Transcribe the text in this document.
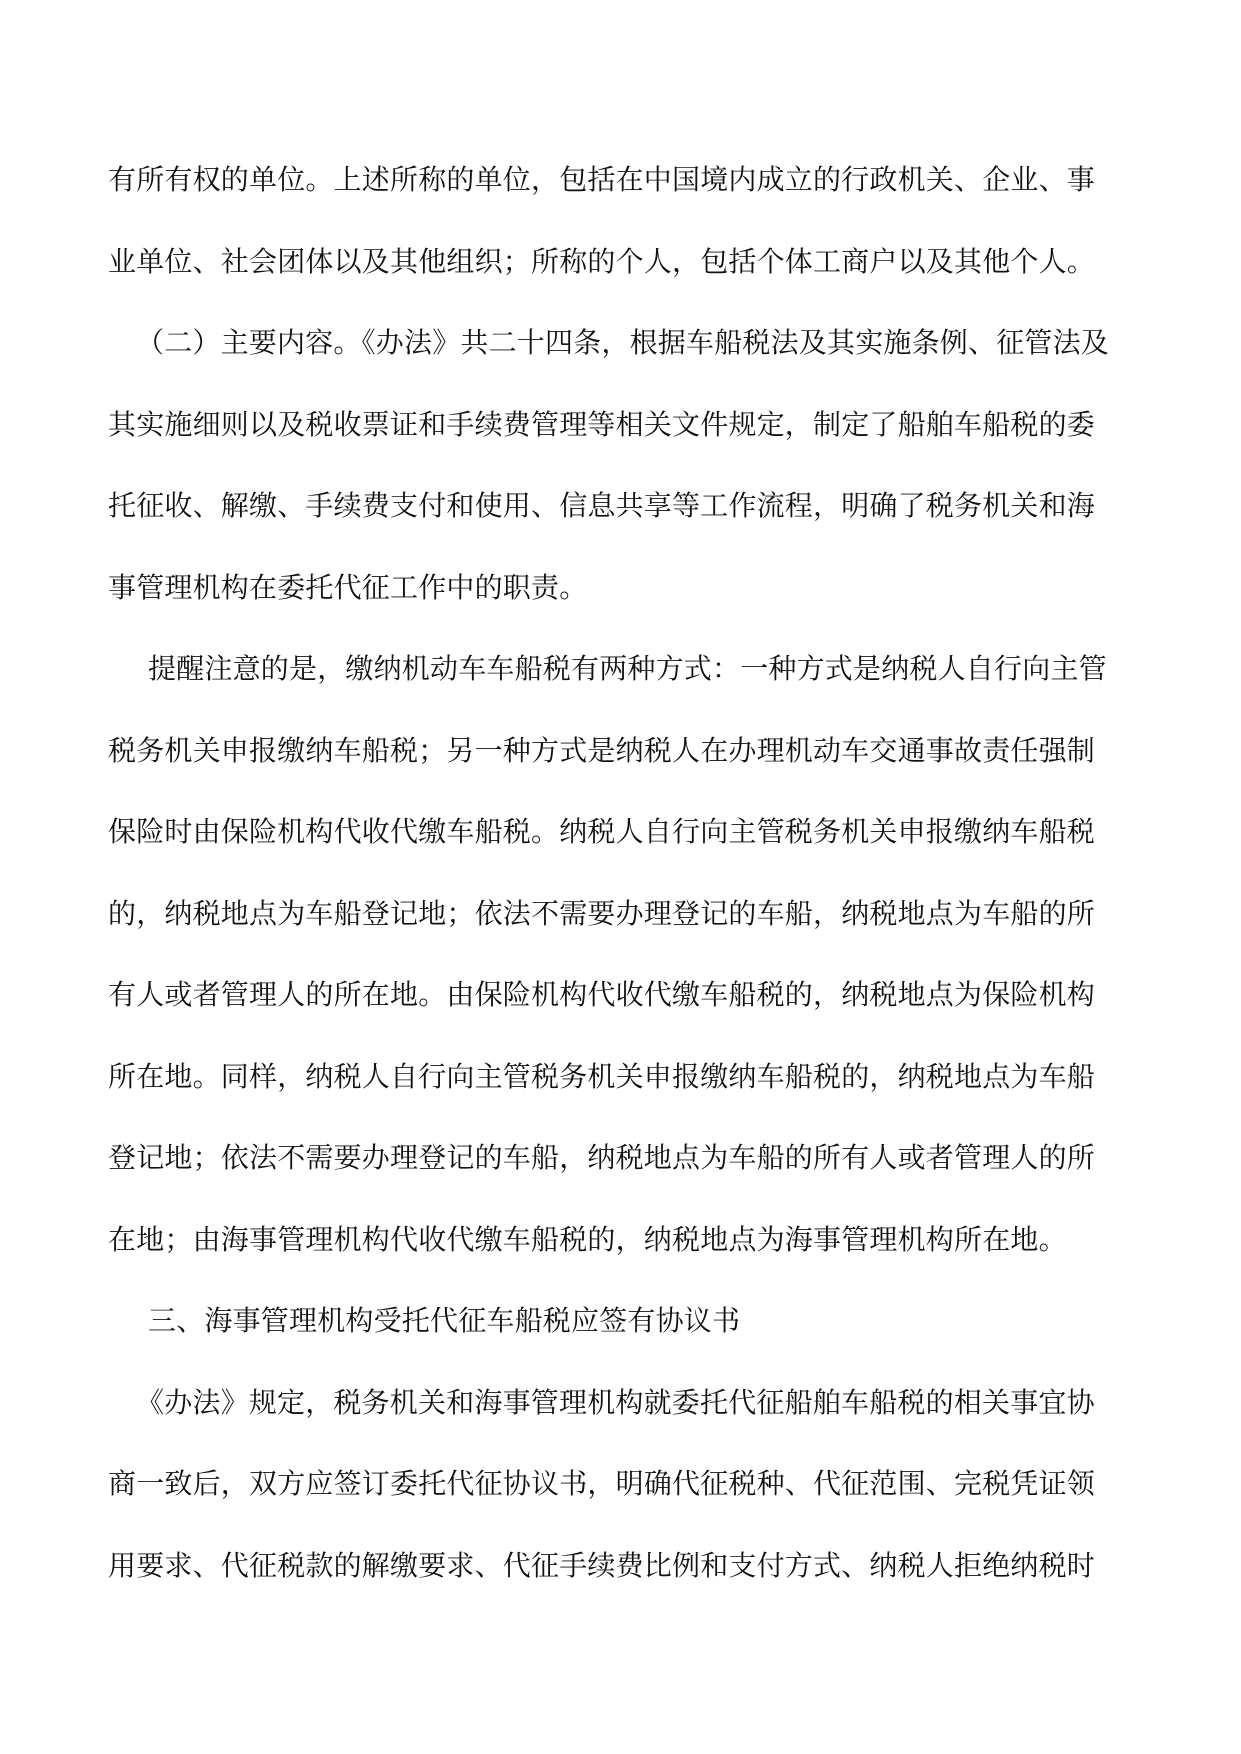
有所有权的单位。上述所称的单位，包括在中国境内成立的行政机关、企业、事
业单位、社会团体以及其他组织；所称的个人，包括个体工商户以及其他个人。
（二）主要内容。《办法》共二十四条，根据车船税法及其实施条例、征管法及
其实施细则以及税收票证和手续费管理等相关文件规定，制定了船舶车船税的委
托征收、解缴、手续费支付和使用、信息共享等工作流程，明确了税务机关和海
事管理机构在委托代征工作中的职责。
提醒注意的是，缴纳机动车车船税有两种方式：一种方式是纳税人自行向主管
税务机关申报缴纳车船税；另一种方式是纳税人在办理机动车交通事故责任强制
保险时由保险机构代收代缴车船税。纳税人自行向主管税务机关申报缴纳车船税
的，纳税地点为车船登记地；依法不需要办理登记的车船，纳税地点为车船的所
有人或者管理人的所在地。由保险机构代收代缴车船税的，纳税地点为保险机构
所在地。同样，纳税人自行向主管税务机关申报缴纳车船税的，纳税地点为车船
登记地；依法不需要办理登记的车船，纳税地点为车船的所有人或者管理人的所
在地；由海事管理机构代收代缴车船税的，纳税地点为海事管理机构所在地。
三、海事管理机构受托代征车船税应签有协议书
《办法》规定，税务机关和海事管理机构就委托代征船舶车船税的相关事宜协
商一致后，双方应签订委托代征协议书，明确代征税种、代征范围、完税凭证领
用要求、代征税款的解缴要求、代征手续费比例和支付方式、纳税人拒绝纳税时
